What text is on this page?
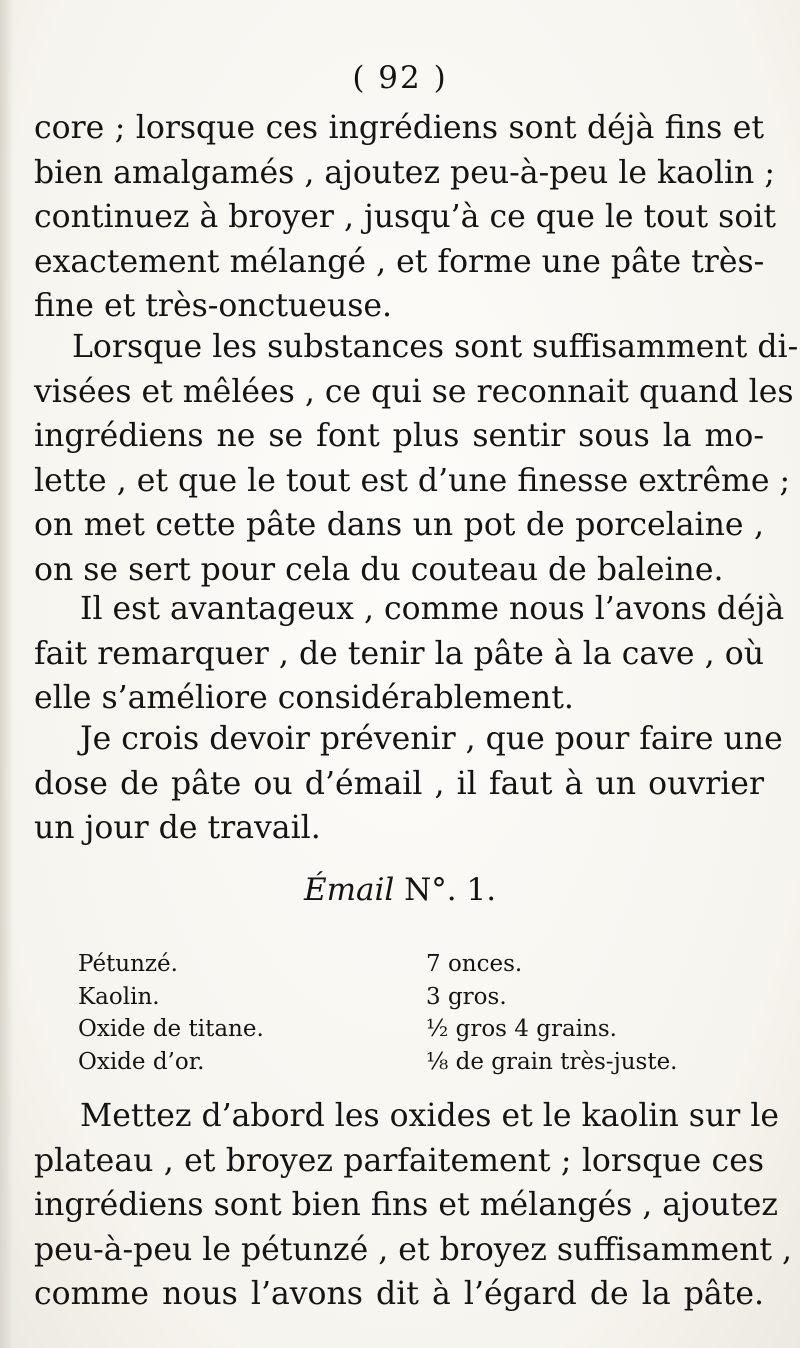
( 92 )
core ; lorsque ces ingrédiens sont déjà fins et
bien amalgamés , ajoutez peu-à-peu le kaolin ;
continuez à broyer , jusqu’à ce que le tout soit
exactement mélangé , et forme une pâte très-
fine et très-onctueuse.
Lorsque les substances sont suffisamment di-
visées et mêlées , ce qui se reconnait quand les
ingrédiens ne se font plus sentir sous la mo-
lette , et que le tout est d’une finesse extrême ;
on met cette pâte dans un pot de porcelaine ,
on se sert pour cela du couteau de baleine.
Il est avantageux , comme nous l’avons déjà
fait remarquer , de tenir la pâte à la cave , où
elle s’améliore considérablement.
Je crois devoir prévenir , que pour faire une
dose de pâte ou d’émail , il faut à un ouvrier
un jour de travail.
Émail N°. 1.
Pétunzé.	7 onces.
Kaolin.	3 gros.
Oxide de titane.	½ gros 4 grains.
Oxide d’or.	⅛ de grain très-juste.
Mettez d’abord les oxides et le kaolin sur le
plateau , et broyez parfaitement ; lorsque ces
ingrédiens sont bien fins et mélangés , ajoutez
peu-à-peu le pétunzé , et broyez suffisamment ,
comme nous l’avons dit à l’égard de la pâte.
